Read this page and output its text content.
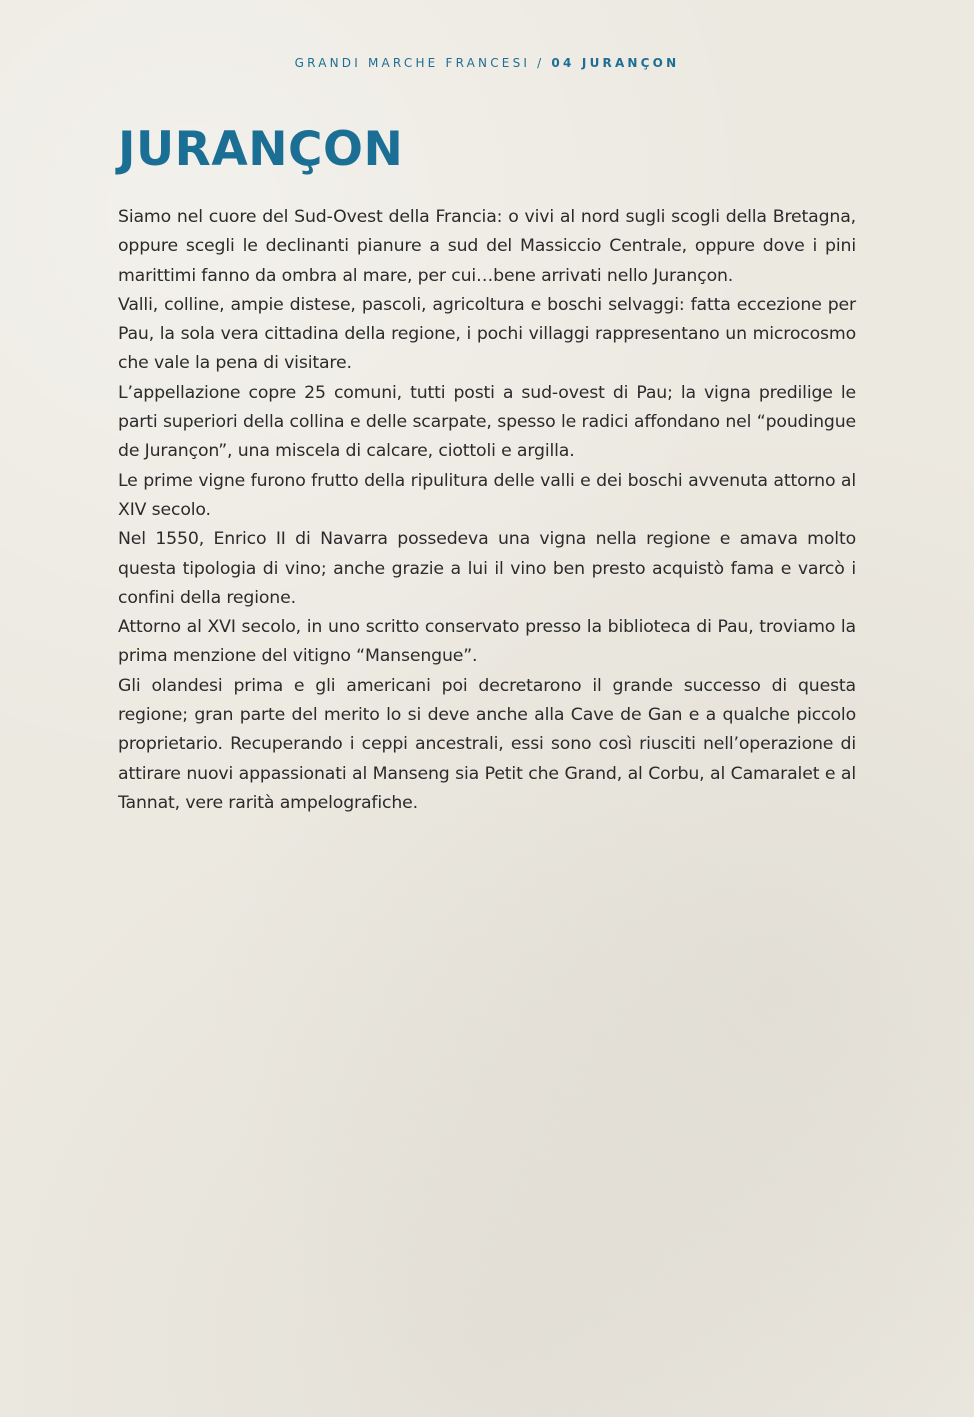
GRANDI MARCHE FRANCESI / 04 JURANÇON
JURANÇON

Siamo nel cuore del Sud-Ovest della Francia: o vivi al nord sugli scogli della Bretagna, oppure scegli le declinanti pianure a sud del Massiccio Centrale, oppure dove i pini marittimi fanno da ombra al mare, per cui…bene arrivati nello Jurançon.

Valli, colline, ampie distese, pascoli, agricoltura e boschi selvaggi: fatta eccezione per Pau, la sola vera cittadina della regione, i pochi villaggi rappresentano un microcosmo che vale la pena di visitare.

L’appellazione copre 25 comuni, tutti posti a sud-ovest di Pau; la vigna predilige le parti superiori della collina e delle scarpate, spesso le radici affondano nel “poudingue de Jurançon”, una miscela di calcare, ciottoli e argilla.

Le prime vigne furono frutto della ripulitura delle valli e dei boschi avvenuta attorno al XIV secolo.

Nel 1550, Enrico II di Navarra possedeva una vigna nella regione e amava molto questa tipologia di vino; anche grazie a lui il vino ben presto acquistò fama e varcò i confini della regione.

Attorno al XVI secolo, in uno scritto conservato presso la biblioteca di Pau, troviamo la prima menzione del vitigno “Mansengue”.

Gli olandesi prima e gli americani poi decretarono il grande successo di questa regione; gran parte del merito lo si deve anche alla Cave de Gan e a qualche piccolo proprietario. Recuperando i ceppi ancestrali, essi sono così riusciti nell’operazione di attirare nuovi appassionati al Manseng sia Petit che Grand, al Corbu, al Camaralet e al Tannat, vere rarità ampelografiche.
